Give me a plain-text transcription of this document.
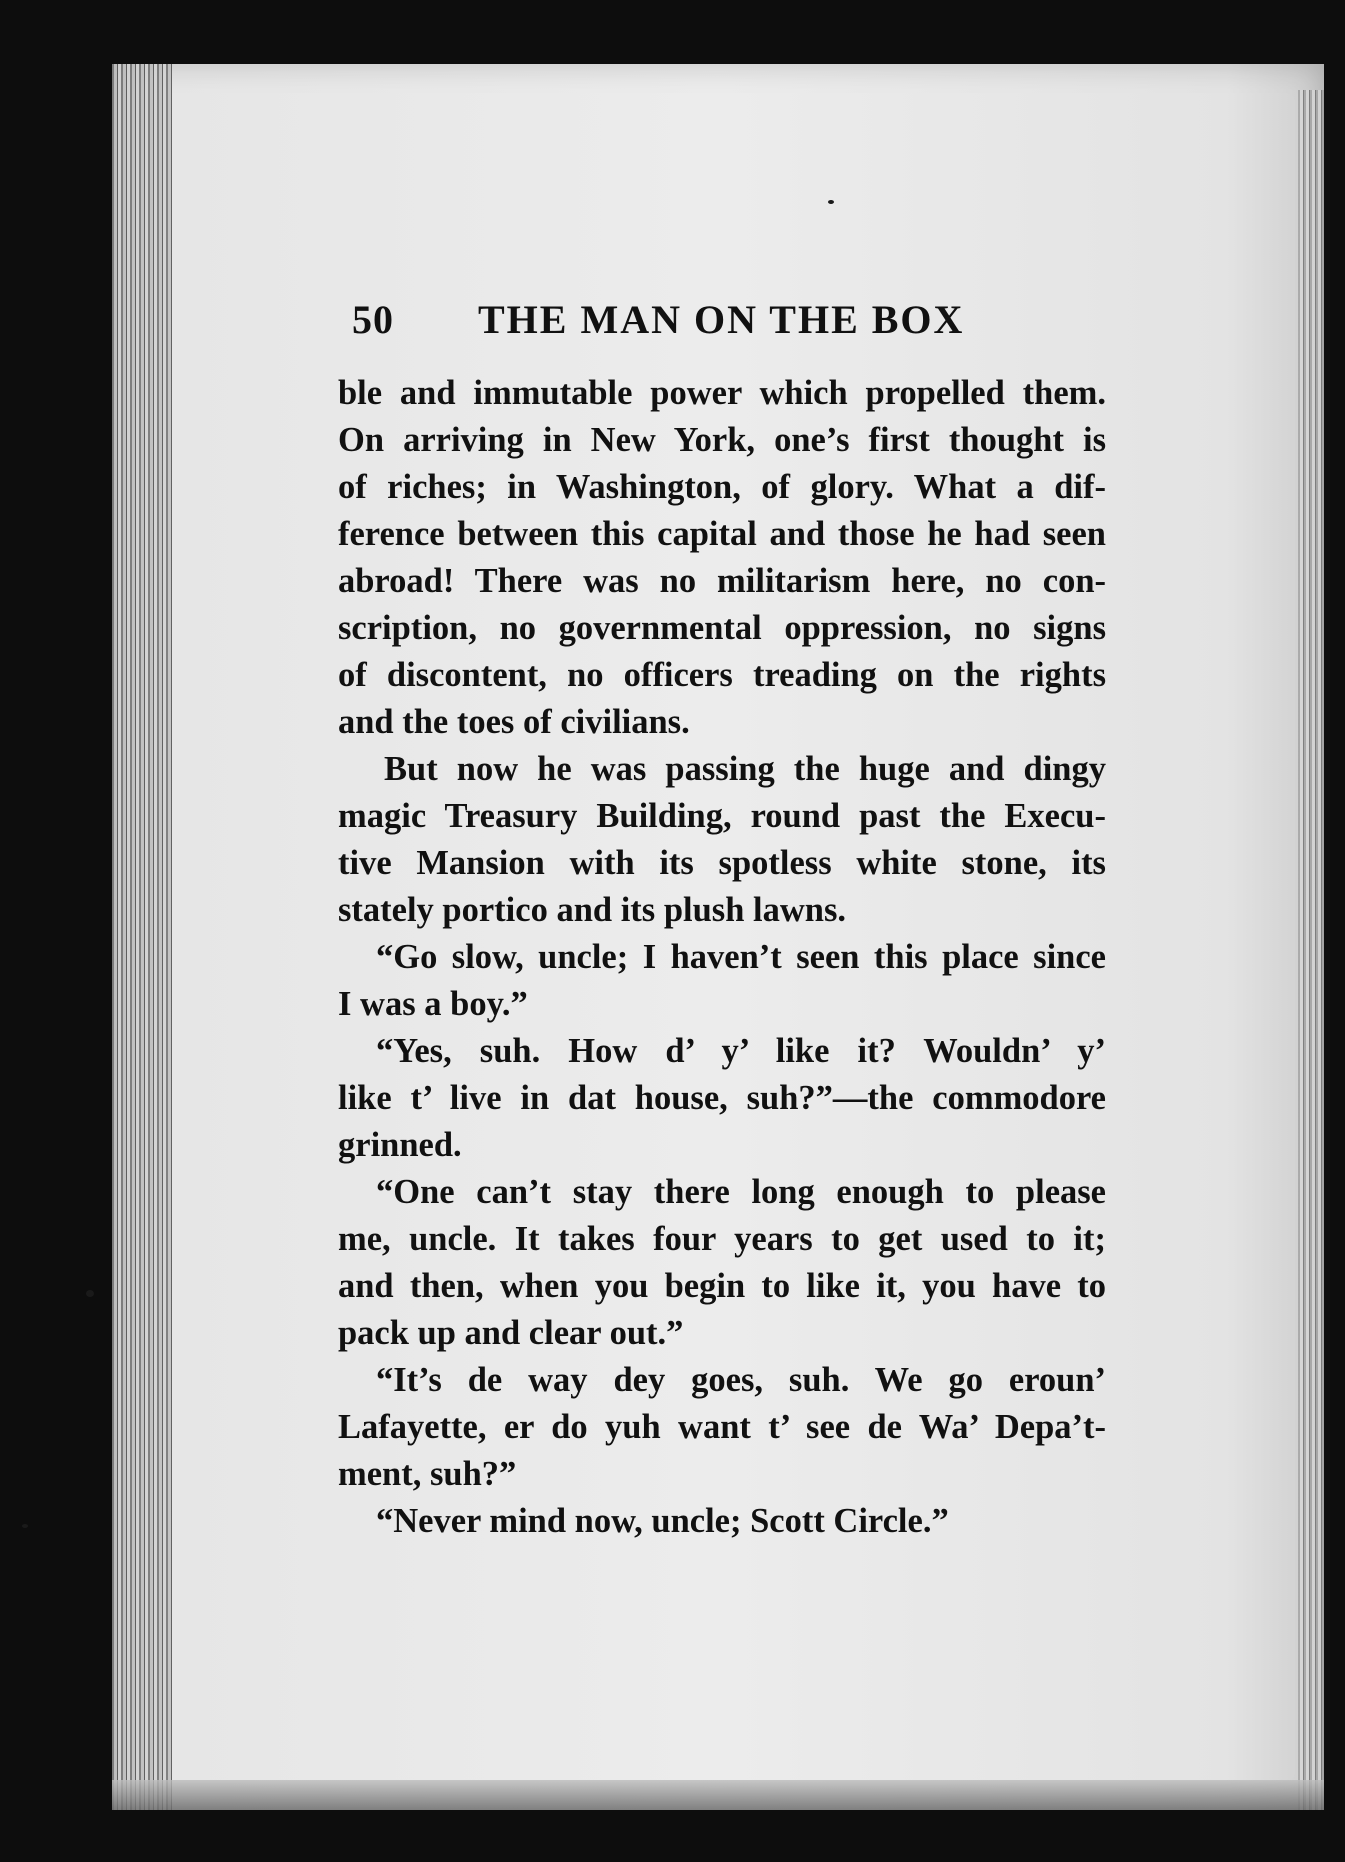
50 THE MAN ON THE BOX
ble and immutable power which propelled them.
On arriving in New York, one’s first thought is
of riches; in Washington, of glory. What a dif-
ference between this capital and those he had seen
abroad! There was no militarism here, no con-
scription, no governmental oppression, no signs
of discontent, no officers treading on the rights
and the toes of civilians.
But now he was passing the huge and dingy
magic Treasury Building, round past the Execu-
tive Mansion with its spotless white stone, its
stately portico and its plush lawns.
“Go slow, uncle; I haven’t seen this place since
I was a boy.”
“Yes, suh. How d’ y’ like it? Wouldn’ y’
like t’ live in dat house, suh?”—the commodore
grinned.
“One can’t stay there long enough to please
me, uncle. It takes four years to get used to it;
and then, when you begin to like it, you have to
pack up and clear out.”
“It’s de way dey goes, suh. We go eroun’
Lafayette, er do yuh want t’ see de Wa’ Depa’t-
ment, suh?”
“Never mind now, uncle; Scott Circle.”
